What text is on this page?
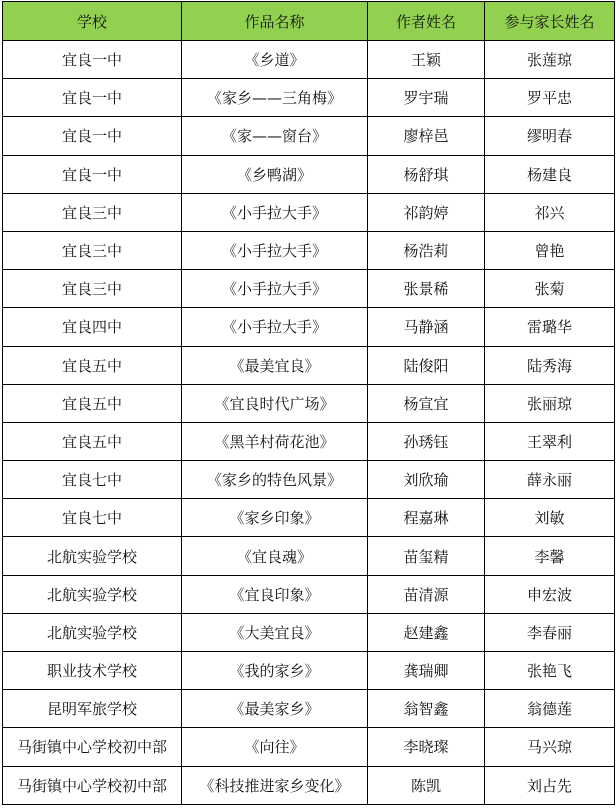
学校	作品名称	作者姓名	参与家长姓名
宜良一中	《乡道》	王颖	张莲琼
宜良一中	《家乡——三角梅》	罗宇瑞	罗平忠
宜良一中	《家——窗台》	廖梓邑	缪明春
宜良一中	《乡鸭湖》	杨舒琪	杨建良
宜良三中	《小手拉大手》	祁韵婷	祁兴
宜良三中	《小手拉大手》	杨浩莉	曾艳
宜良三中	《小手拉大手》	张景稀	张菊
宜良四中	《小手拉大手》	马静涵	雷璐华
宜良五中	《最美宜良》	陆俊阳	陆秀海
宜良五中	《宜良时代广场》	杨宣宜	张丽琼
宜良五中	《黑羊村荷花池》	孙琇钰	王翠利
宜良七中	《家乡的特色风景》	刘欣瑜	薛永丽
宜良七中	《家乡印象》	程嘉琳	刘敏
北航实验学校	《宜良魂》	苗玺精	李馨
北航实验学校	《宜良印象》	苗清源	申宏波
北航实验学校	《大美宜良》	赵建鑫	李春丽
职业技术学校	《我的家乡》	龚瑞卿	张艳飞
昆明军旅学校	《最美家乡》	翁智鑫	翁德莲
马街镇中心学校初中部	《向往》	李晓璨	马兴琼
马街镇中心学校初中部	《科技推进家乡变化》	陈凯	刘占先
